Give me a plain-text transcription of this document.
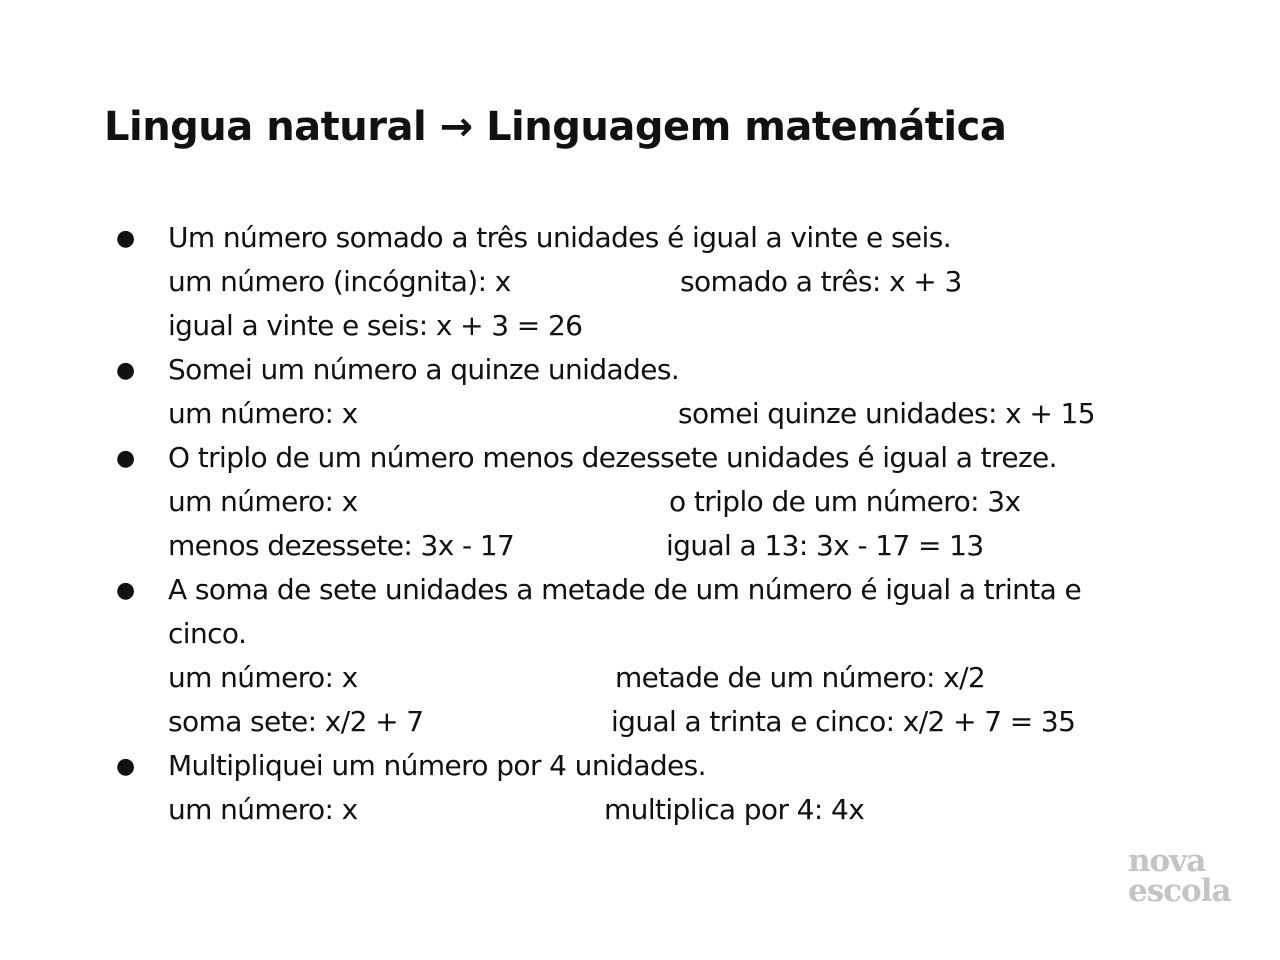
Lingua natural → Linguagem matemática
● Um número somado a três unidades é igual a vinte e seis.
um número (incógnita): x	somado a três: x + 3
igual a vinte e seis: x + 3 = 26
● Somei um número a quinze unidades.
um número: x	somei quinze unidades: x + 15
● O triplo de um número menos dezessete unidades é igual a treze.
um número: x	o triplo de um número: 3x
menos dezessete: 3x - 17	igual a 13: 3x - 17 = 13
● A soma de sete unidades a metade de um número é igual a trinta e
cinco.
um número: x	metade de um número: x/2
soma sete: x/2 + 7	igual a trinta e cinco: x/2 + 7 = 35
● Multipliquei um número por 4 unidades.
um número: x	multiplica por 4: 4x
nova
escola
